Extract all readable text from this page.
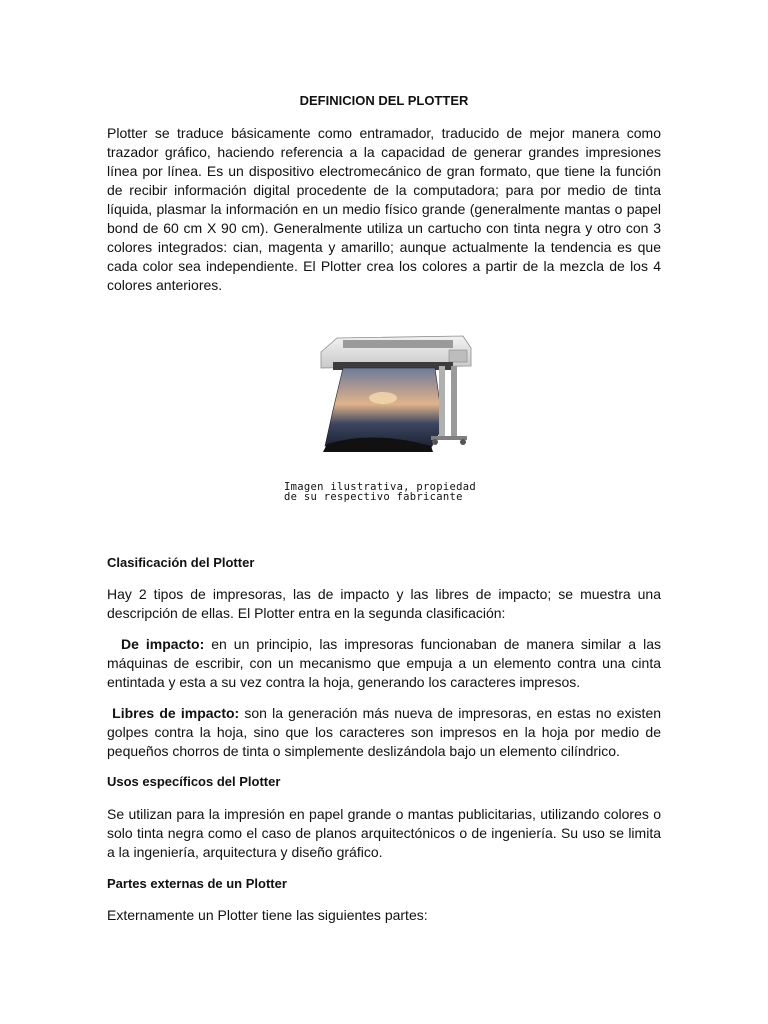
DEFINICION DEL PLOTTER

Plotter se traduce básicamente como entramador, traducido de mejor manera como trazador gráfico, haciendo referencia a la capacidad de generar grandes impresiones línea por línea. Es un dispositivo electromecánico de gran formato, que tiene la función de recibir información digital procedente de la computadora; para por medio de tinta líquida, plasmar la información en un medio físico grande (generalmente mantas o papel bond de 60 cm X 90 cm). Generalmente utiliza un cartucho con tinta negra y otro con 3 colores integrados: cian, magenta y amarillo; aunque actualmente la tendencia es que cada color sea independiente. El Plotter crea los colores a partir de la mezcla de los 4 colores anteriores.

Clasificación del Plotter

Hay 2 tipos de impresoras, las de impacto y las libres de impacto; se muestra una descripción de ellas. El Plotter entra en la segunda clasificación:

De impacto: en un principio, las impresoras funcionaban de manera similar a las máquinas de escribir, con un mecanismo que empuja a un elemento contra una cinta entintada y esta a su vez contra la hoja, generando los caracteres impresos.

Libres de impacto: son la generación más nueva de impresoras, en estas no existen golpes contra la hoja, sino que los caracteres son impresos en la hoja por medio de pequeños chorros de tinta o simplemente deslizándola bajo un elemento cilíndrico.

Usos específicos del Plotter

Se utilizan para la impresión en papel grande o mantas publicitarias, utilizando colores o solo tinta negra como el caso de planos arquitectónicos o de ingeniería. Su uso se limita a la ingeniería, arquitectura y diseño gráfico.

Partes externas de un Plotter

Externamente un Plotter tiene las siguientes partes:

Imagen ilustrativa, propiedad
de su respectivo fabricante
